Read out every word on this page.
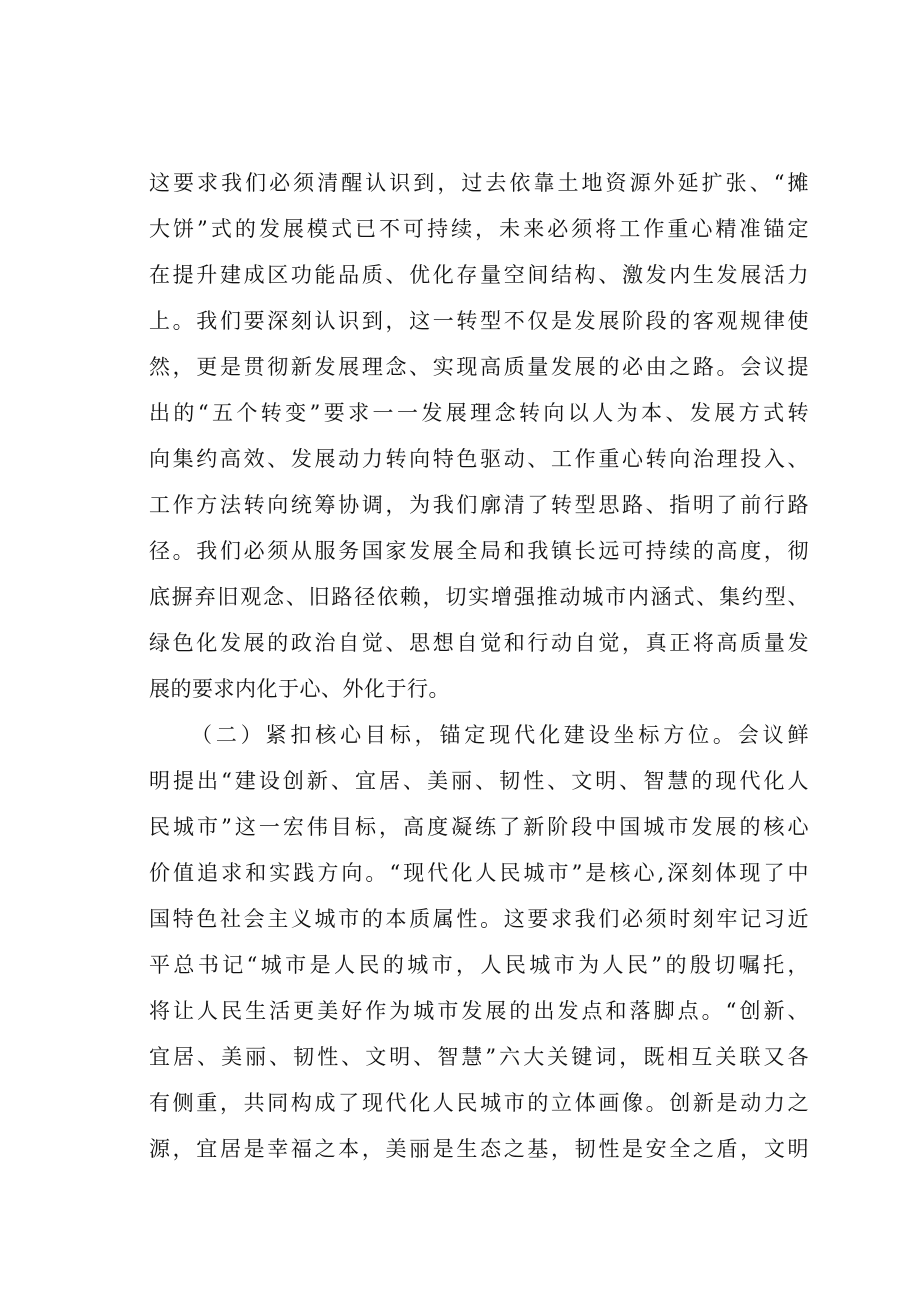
这要求我们必须清醒认识到，过去依靠土地资源外延扩张、“摊
大饼”式的发展模式已不可持续，未来必须将工作重心精准锚定
在提升建成区功能品质、优化存量空间结构、激发内生发展活力
上。我们要深刻认识到，这一转型不仅是发展阶段的客观规律使
然，更是贯彻新发展理念、实现高质量发展的必由之路。会议提
出的“五个转变”要求一一发展理念转向以人为本、发展方式转
向集约高效、发展动力转向特色驱动、工作重心转向治理投入、
工作方法转向统筹协调，为我们廓清了转型思路、指明了前行路
径。我们必须从服务国家发展全局和我镇长远可持续的高度，彻
底摒弃旧观念、旧路径依赖，切实增强推动城市内涵式、集约型、
绿色化发展的政治自觉、思想自觉和行动自觉，真正将高质量发
展的要求内化于心、外化于行。
（二）紧扣核心目标，锚定现代化建设坐标方位。会议鲜
明提出“建设创新、宜居、美丽、韧性、文明、智慧的现代化人
民城市”这一宏伟目标，高度凝练了新阶段中国城市发展的核心
价值追求和实践方向。“现代化人民城市”是核心,深刻体现了中
国特色社会主义城市的本质属性。这要求我们必须时刻牢记习近
平总书记“城市是人民的城市，人民城市为人民”的殷切嘱托，
将让人民生活更美好作为城市发展的出发点和落脚点。“创新、
宜居、美丽、韧性、文明、智慧”六大关键词，既相互关联又各
有侧重，共同构成了现代化人民城市的立体画像。创新是动力之
源，宜居是幸福之本，美丽是生态之基，韧性是安全之盾，文明
